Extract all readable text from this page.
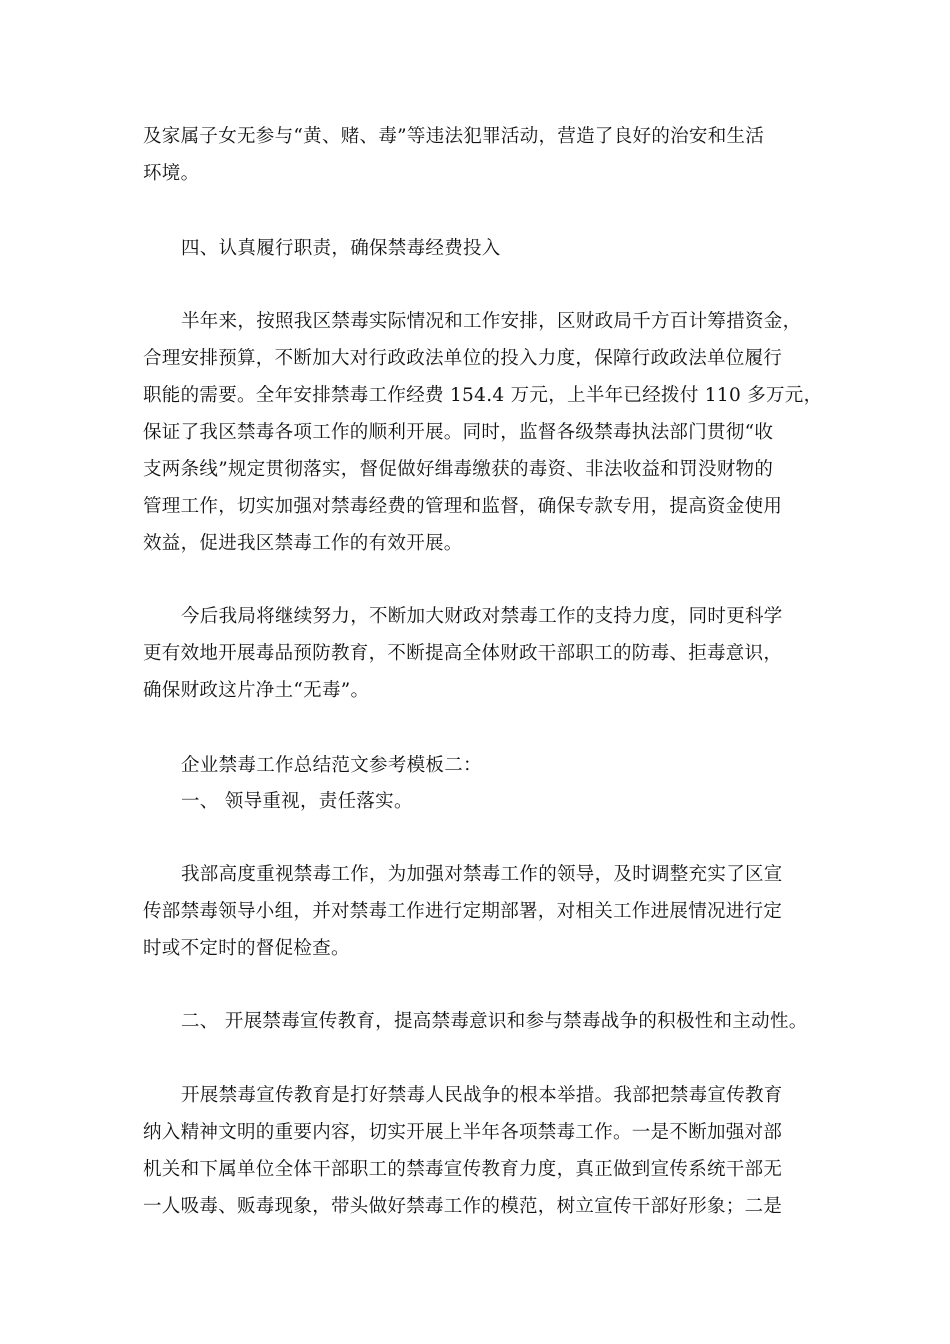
及家属子女无参与“黄、赌、毒”等违法犯罪活动，营造了良好的治安和生活
环境。
四、认真履行职责，确保禁毒经费投入
半年来，按照我区禁毒实际情况和工作安排，区财政局千方百计筹措资金，
合理安排预算，不断加大对行政政法单位的投入力度，保障行政政法单位履行
职能的需要。全年安排禁毒工作经费 154.4 万元，上半年已经拨付 110 多万元，
保证了我区禁毒各项工作的顺利开展。同时，监督各级禁毒执法部门贯彻“收
支两条线”规定贯彻落实，督促做好缉毒缴获的毒资、非法收益和罚没财物的
管理工作，切实加强对禁毒经费的管理和监督，确保专款专用，提高资金使用
效益，促进我区禁毒工作的有效开展。
今后我局将继续努力，不断加大财政对禁毒工作的支持力度，同时更科学
更有效地开展毒品预防教育，不断提高全体财政干部职工的防毒、拒毒意识，
确保财政这片净土“无毒”。
企业禁毒工作总结范文参考模板二：
一、 领导重视，责任落实。
我部高度重视禁毒工作，为加强对禁毒工作的领导，及时调整充实了区宣
传部禁毒领导小组，并对禁毒工作进行定期部署，对相关工作进展情况进行定
时或不定时的督促检查。
二、 开展禁毒宣传教育，提高禁毒意识和参与禁毒战争的积极性和主动性。
开展禁毒宣传教育是打好禁毒人民战争的根本举措。我部把禁毒宣传教育
纳入精神文明的重要内容，切实开展上半年各项禁毒工作。一是不断加强对部
机关和下属单位全体干部职工的禁毒宣传教育力度，真正做到宣传系统干部无
一人吸毒、贩毒现象，带头做好禁毒工作的模范，树立宣传干部好形象；二是
